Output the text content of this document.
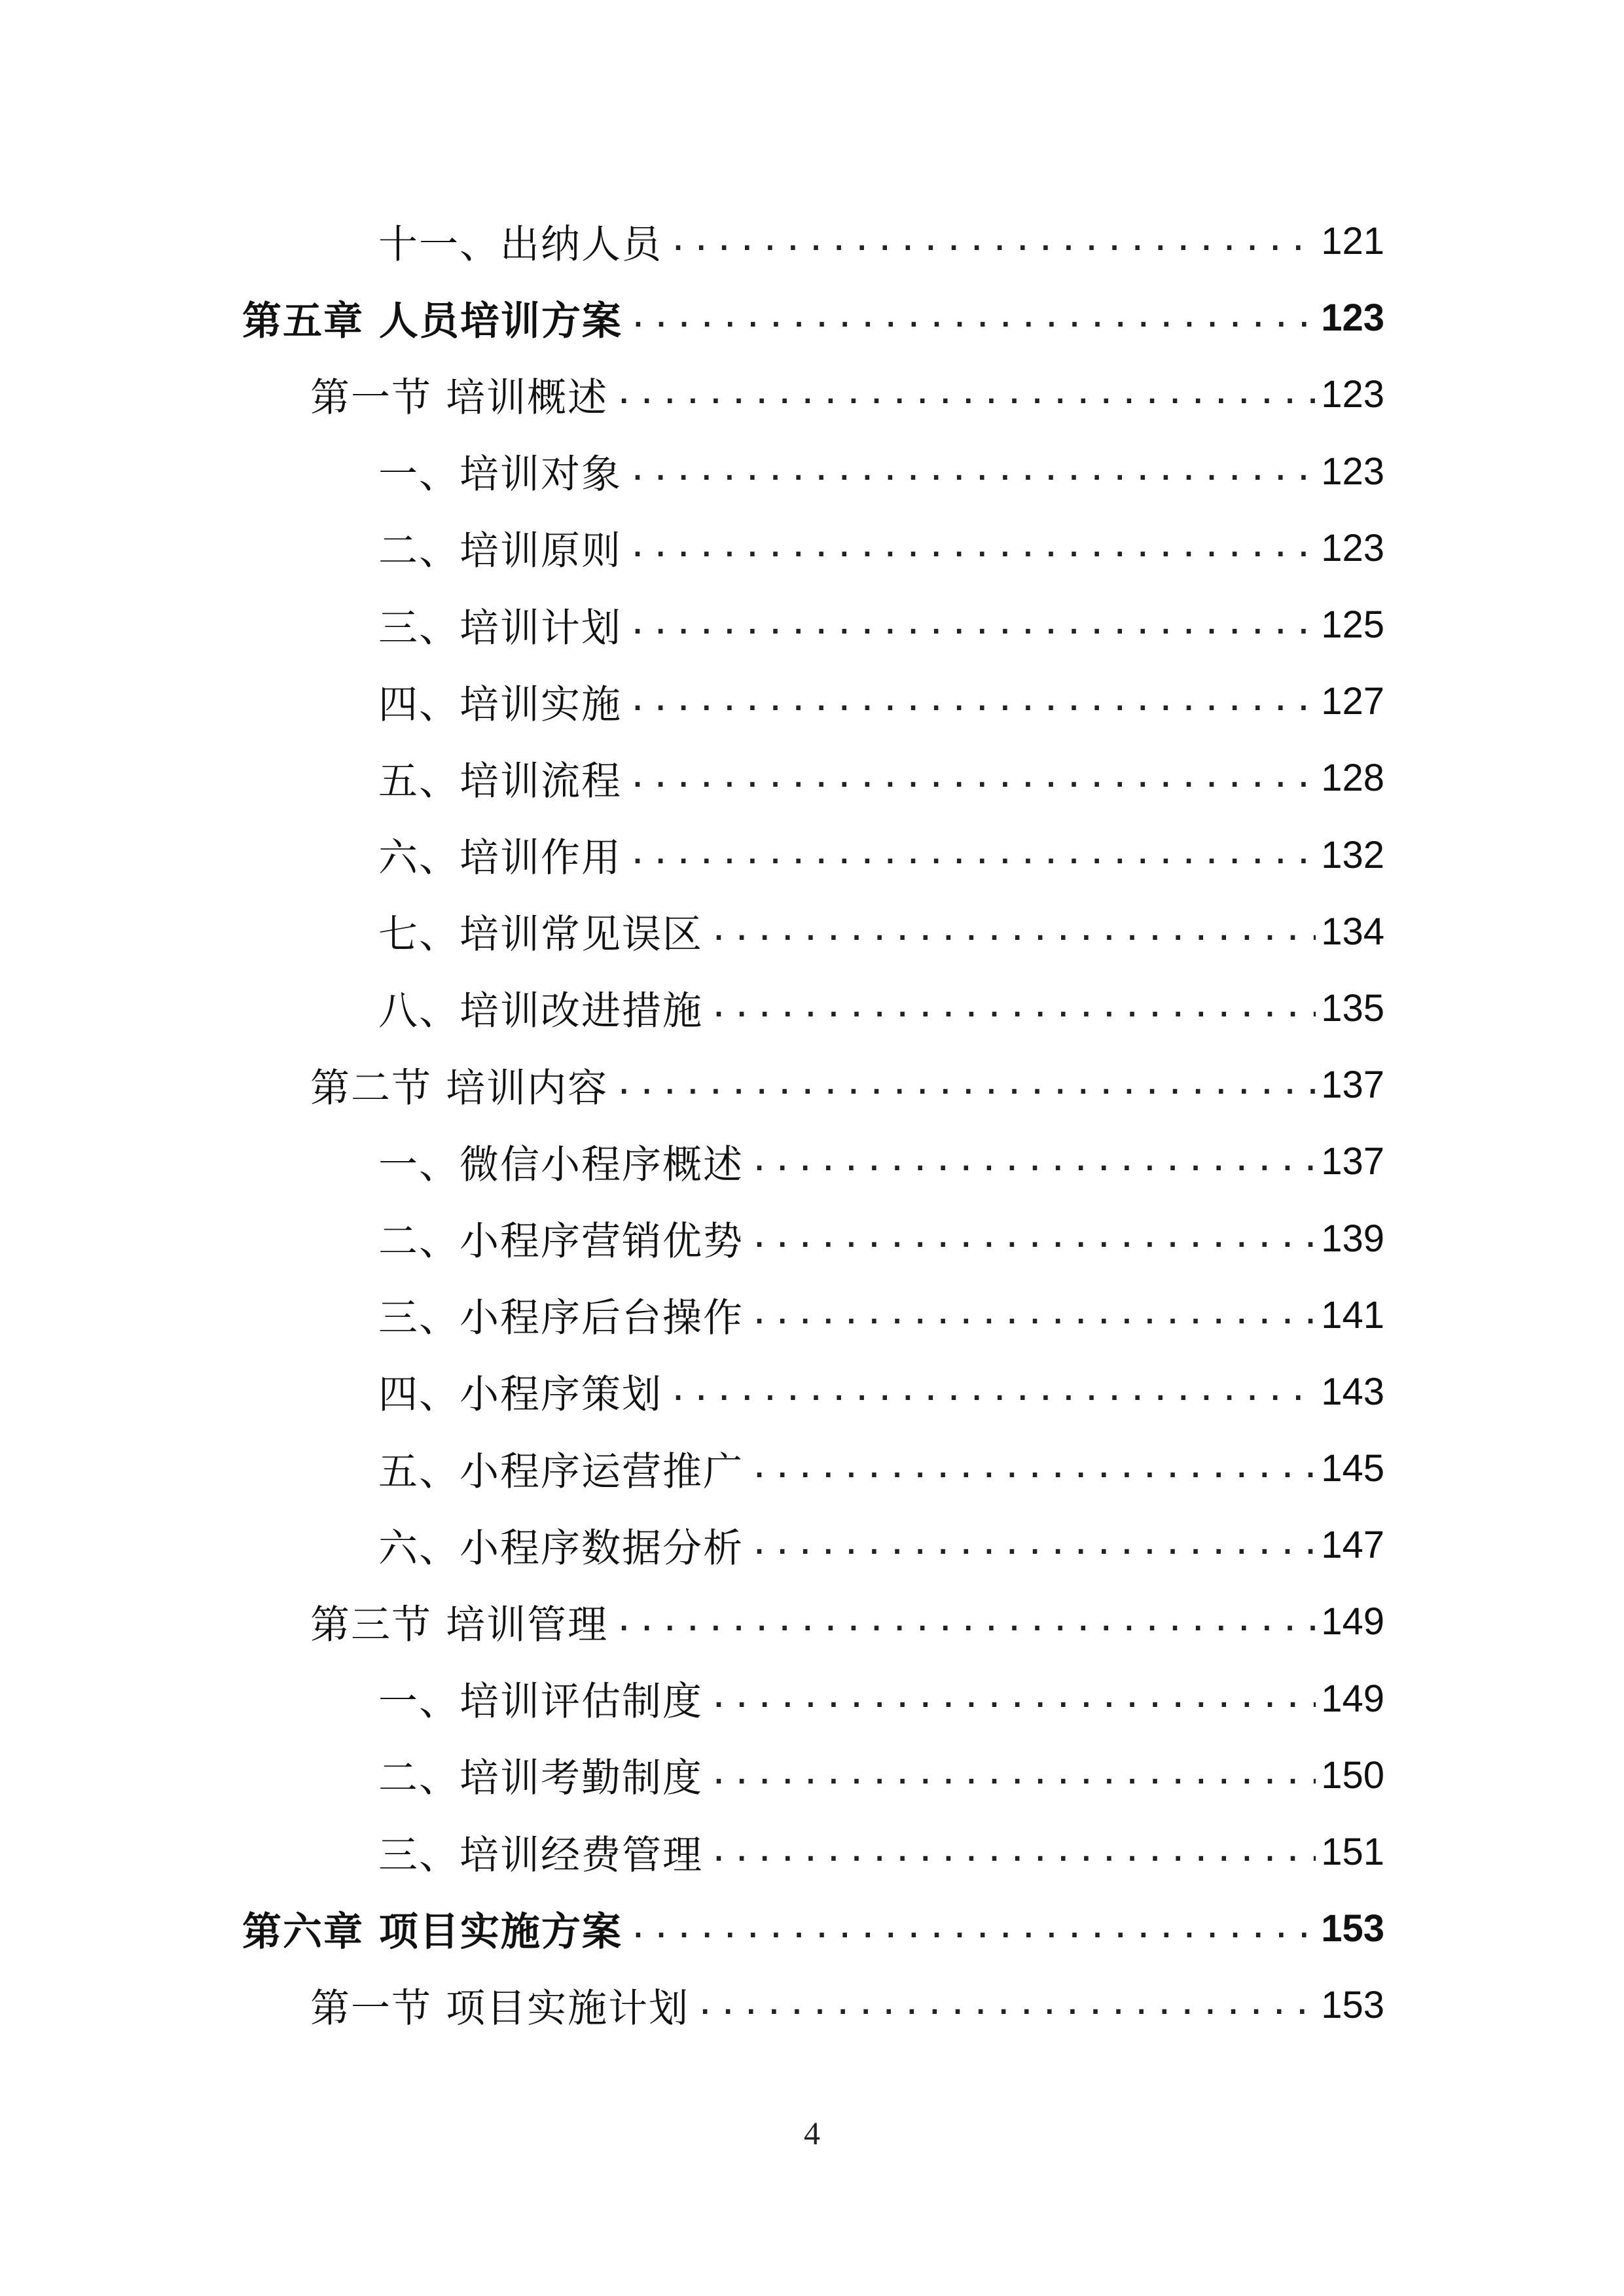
十一、出纳人员 .....	121
第五章 人员培训方案 .....	123
第一节 培训概述 .....	123
一、培训对象 .....	123
二、培训原则 .....	123
三、培训计划 .....	125
四、培训实施 .....	127
五、培训流程 .....	128
六、培训作用 .....	132
七、培训常见误区 .....	134
八、培训改进措施 .....	135
第二节 培训内容 .....	137
一、微信小程序概述 .....	137
二、小程序营销优势 .....	139
三、小程序后台操作 .....	141
四、小程序策划 .....	143
五、小程序运营推广 .....	145
六、小程序数据分析 .....	147
第三节 培训管理 .....	149
一、培训评估制度 .....	149
二、培训考勤制度 .....	150
三、培训经费管理 .....	151
第六章 项目实施方案 .....	153
第一节 项目实施计划 .....	153
4
